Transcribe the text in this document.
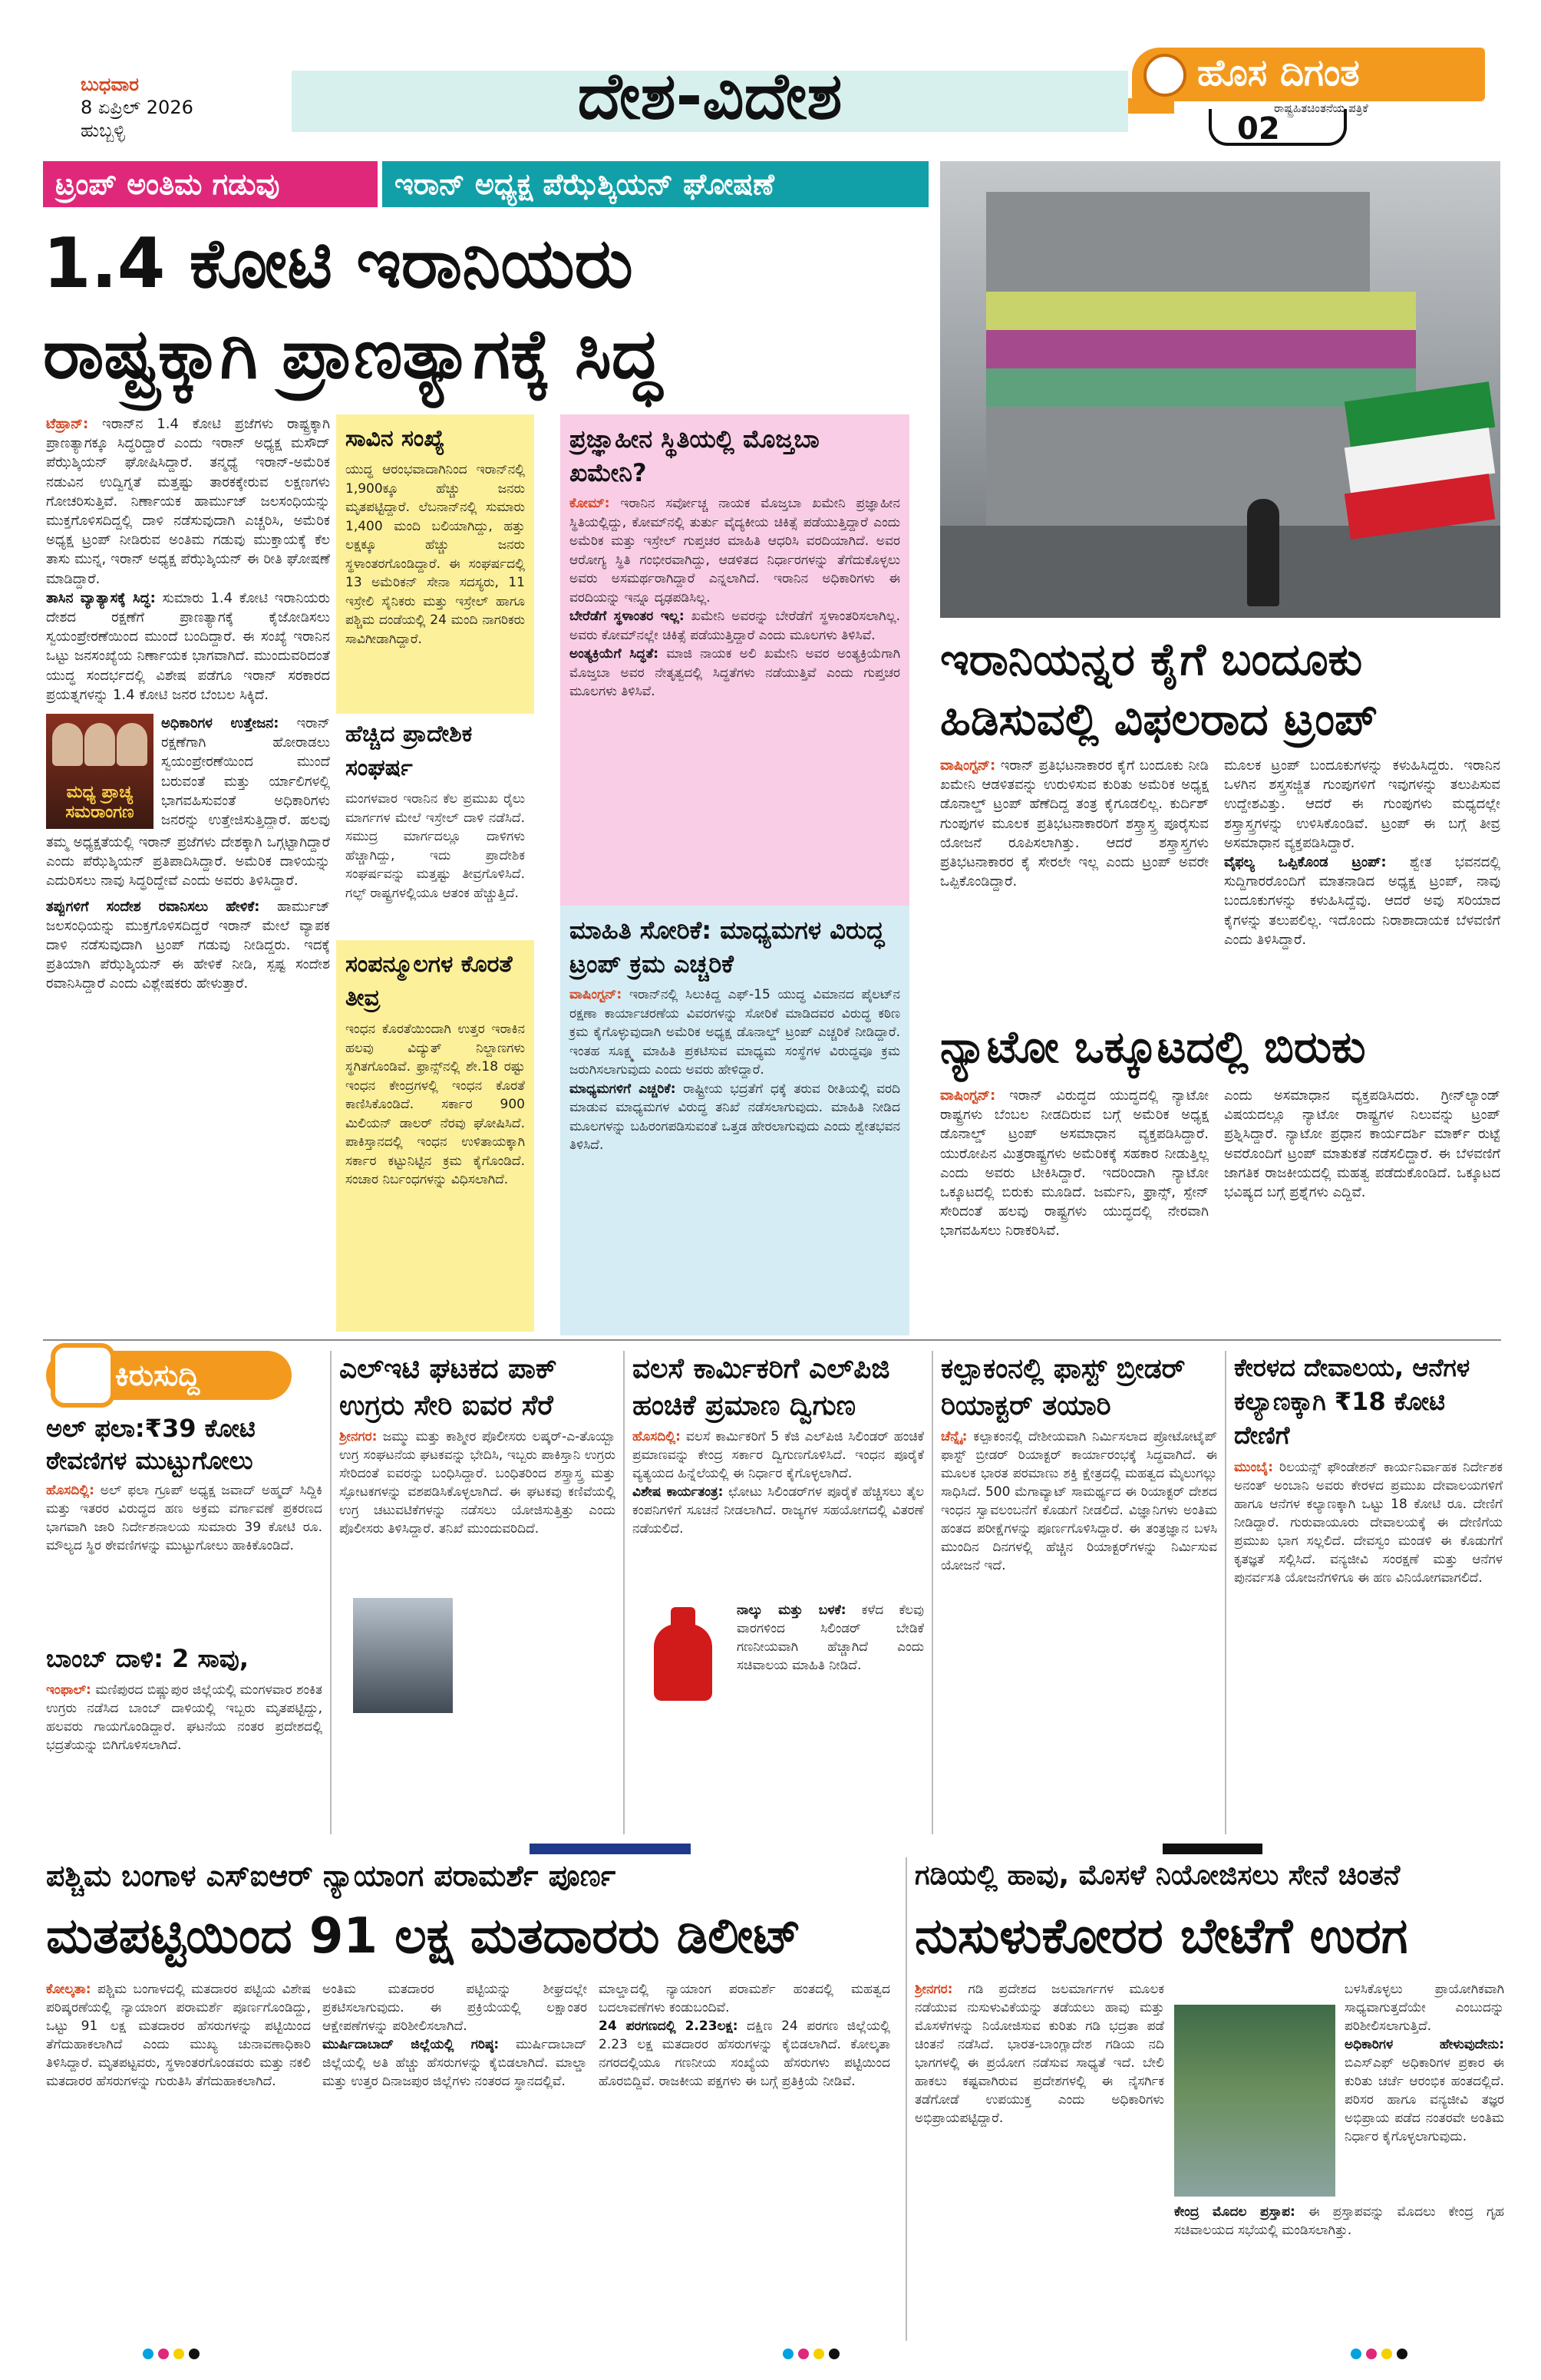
ಬುಧವಾರ
8 ಏಪ್ರಿಲ್ 2026
ಹುಬ್ಬಳ್ಳಿ	ದೇಶ-ವಿದೇಶ	ಹೊಸ ದಿಗಂತ
ರಾಷ್ಟ್ರಹಿತಚಿಂತನೆಯ ಪತ್ರಿಕೆ
02
ಟ್ರಂಪ್ ಅಂತಿಮ ಗಡುವು	ಇರಾನ್ ಅಧ್ಯಕ್ಷ ಪೆಝೆಶ್ಕಿಯನ್ ಘೋಷಣೆ
1.4 ಕೋಟಿ ಇರಾನಿಯರು
ರಾಷ್ಟ್ರಕ್ಕಾಗಿ ಪ್ರಾಣತ್ಯಾಗಕ್ಕೆ ಸಿದ್ಧ
ಟೆಹ್ರಾನ್: ಇರಾನ್‌ನ 1.4 ಕೋಟಿ ಪ್ರಜೆಗಳು ರಾಷ್ಟ್ರಕ್ಕಾಗಿ ಪ್ರಾಣತ್ಯಾಗಕ್ಕೂ ಸಿದ್ಧರಿದ್ದಾರೆ ಎಂದು ಇರಾನ್ ಅಧ್ಯಕ್ಷ ಮಸೌದ್ ಪೆಝೆಶ್ಕಿಯನ್ ಘೋಷಿಸಿದ್ದಾರೆ. ತನ್ಮಧ್ಯೆ ಇರಾನ್-ಅಮೆರಿಕ ನಡುವಿನ ಉದ್ವಿಗ್ನತೆ ಮತ್ತಷ್ಟು ತಾರಕಕ್ಕೇರುವ ಲಕ್ಷಣಗಳು ಗೋಚರಿಸುತ್ತಿವೆ. ನಿರ್ಣಾಯಕ ಹಾರ್ಮುಜ್ ಜಲಸಂಧಿಯನ್ನು ಮುಕ್ತಗೊಳಿಸದಿದ್ದಲ್ಲಿ ದಾಳಿ ನಡೆಸುವುದಾಗಿ ಎಚ್ಚರಿಸಿ, ಅಮೆರಿಕ ಅಧ್ಯಕ್ಷ ಟ್ರಂಪ್ ನೀಡಿರುವ ಅಂತಿಮ ಗಡುವು ಮುಕ್ತಾಯಕ್ಕೆ ಕೆಲ ತಾಸು ಮುನ್ನ, ಇರಾನ್ ಅಧ್ಯಕ್ಷ ಪೆಝೆಶ್ಕಿಯನ್ ಈ ರೀತಿ ಘೋಷಣೆ ಮಾಡಿದ್ದಾರೆ.
ತಾಸಿನ ವ್ಯಾತ್ಯಾಸಕ್ಕೆ ಸಿದ್ಧ: ಸುಮಾರು 1.4 ಕೋಟಿ ಇರಾನಿಯರು ದೇಶದ ರಕ್ಷಣೆಗೆ ಪ್ರಾಣತ್ಯಾಗಕ್ಕೆ ಕೈಜೋಡಿಸಲು ಸ್ವಯಂಪ್ರೇರಣೆಯಿಂದ ಮುಂದೆ ಬಂದಿದ್ದಾರೆ. ಈ ಸಂಖ್ಯೆ ಇರಾನಿನ ಒಟ್ಟು ಜನಸಂಖ್ಯೆಯ ನಿರ್ಣಾಯಕ ಭಾಗವಾಗಿದೆ. ಮುಂದುವರಿದಂತೆ ಯುದ್ಧ ಸಂದರ್ಭದಲ್ಲಿ ವಿಶೇಷ ಪಡೆಗೂ ಇರಾನ್ ಸರಕಾರದ ಪ್ರಯತ್ನಗಳನ್ನು 1.4 ಕೋಟಿ ಜನರ ಬೆಂಬಲ ಸಿಕ್ಕಿದೆ.
ಮಧ್ಯ ಪ್ರಾಚ್ಯ ಸಮರಾಂಗಣ
ಅಧಿಕಾರಿಗಳ ಉತ್ತೇಜನ: ಇರಾನ್ ರಕ್ಷಣೆಗಾಗಿ ಹೋರಾಡಲು ಸ್ವಯಂಪ್ರೇರಣೆಯಿಂದ ಮುಂದೆ ಬರುವಂತೆ ಮತ್ತು ರ್ಯಾಲಿಗಳಲ್ಲಿ ಭಾಗವಹಿಸುವಂತೆ ಅಧಿಕಾರಿಗಳು ಜನರನ್ನು ಉತ್ತೇಜಿಸುತ್ತಿದ್ದಾರೆ. ಹಲವು
ತಮ್ಮ ಅಧ್ಯಕ್ಷತೆಯಲ್ಲಿ ಇರಾನ್ ಪ್ರಜೆಗಳು ದೇಶಕ್ಕಾಗಿ ಒಗ್ಗಟ್ಟಾಗಿದ್ದಾರೆ ಎಂದು ಪೆಝೆಶ್ಕಿಯನ್ ಪ್ರತಿಪಾದಿಸಿದ್ದಾರೆ. ಅಮೆರಿಕ ದಾಳಿಯನ್ನು ಎದುರಿಸಲು ನಾವು ಸಿದ್ಧರಿದ್ದೇವೆ ಎಂದು ಅವರು ತಿಳಿಸಿದ್ದಾರೆ.
ತಪ್ಪುಗಳಿಗೆ ಸಂದೇಶ ರವಾನಿಸಲು ಹೇಳಿಕೆ: ಹಾರ್ಮುಜ್ ಜಲಸಂಧಿಯನ್ನು ಮುಕ್ತಗೊಳಿಸದಿದ್ದರೆ ಇರಾನ್ ಮೇಲೆ ವ್ಯಾಪಕ ದಾಳಿ ನಡೆಸುವುದಾಗಿ ಟ್ರಂಪ್ ಗಡುವು ನೀಡಿದ್ದರು. ಇದಕ್ಕೆ ಪ್ರತಿಯಾಗಿ ಪೆಝೆಶ್ಕಿಯನ್ ಈ ಹೇಳಿಕೆ ನೀಡಿ, ಸ್ಪಷ್ಟ ಸಂದೇಶ ರವಾನಿಸಿದ್ದಾರೆ ಎಂದು ವಿಶ್ಲೇಷಕರು ಹೇಳುತ್ತಾರೆ.
ಸಾವಿನ ಸಂಖ್ಯೆ
ಯುದ್ಧ ಆರಂಭವಾದಾಗಿನಿಂದ ಇರಾನ್‌ನಲ್ಲಿ 1,900ಕ್ಕೂ ಹೆಚ್ಚು ಜನರು ಮೃತಪಟ್ಟಿದ್ದಾರೆ. ಲೆಬನಾನ್‌ನಲ್ಲಿ ಸುಮಾರು 1,400 ಮಂದಿ ಬಲಿಯಾಗಿದ್ದು, ಹತ್ತು ಲಕ್ಷಕ್ಕೂ ಹೆಚ್ಚು ಜನರು ಸ್ಥಳಾಂತರಗೊಂಡಿದ್ದಾರೆ. ಈ ಸಂಘರ್ಷದಲ್ಲಿ 13 ಅಮೆರಿಕನ್ ಸೇನಾ ಸದಸ್ಯರು, 11 ಇಸ್ರೇಲಿ ಸೈನಿಕರು ಮತ್ತು ಇಸ್ರೇಲ್ ಹಾಗೂ ಪಶ್ಚಿಮ ದಂಡೆಯಲ್ಲಿ 24 ಮಂದಿ ನಾಗರಿಕರು ಸಾವಿಗೀಡಾಗಿದ್ದಾರೆ.
ಹೆಚ್ಚಿದ ಪ್ರಾದೇಶಿಕ ಸಂಘರ್ಷ
ಮಂಗಳವಾರ ಇರಾನಿನ ಕೆಲ ಪ್ರಮುಖ ರೈಲು ಮಾರ್ಗಗಳ ಮೇಲೆ ಇಸ್ರೇಲ್ ದಾಳಿ ನಡೆಸಿದೆ. ಸಮುದ್ರ ಮಾರ್ಗದಲ್ಲೂ ದಾಳಿಗಳು ಹೆಚ್ಚಾಗಿದ್ದು, ಇದು ಪ್ರಾದೇಶಿಕ ಸಂಘರ್ಷವನ್ನು ಮತ್ತಷ್ಟು ತೀವ್ರಗೊಳಿಸಿದೆ. ಗಲ್ಫ್ ರಾಷ್ಟ್ರಗಳಲ್ಲಿಯೂ ಆತಂಕ ಹೆಚ್ಚುತ್ತಿದೆ.
ಸಂಪನ್ಮೂಲಗಳ ಕೊರತೆ ತೀವ್ರ
ಇಂಧನ ಕೊರತೆಯಿಂದಾಗಿ ಉತ್ತರ ಇರಾಕಿನ ಹಲವು ವಿದ್ಯುತ್ ನಿಲ್ದಾಣಗಳು ಸ್ಥಗಿತಗೊಂಡಿವೆ. ಫ್ರಾನ್ಸ್‌ನಲ್ಲಿ ಶೇ.18 ರಷ್ಟು ಇಂಧನ ಕೇಂದ್ರಗಳಲ್ಲಿ ಇಂಧನ ಕೊರತೆ ಕಾಣಿಸಿಕೊಂಡಿದೆ. ಸರ್ಕಾರ 900 ಮಿಲಿಯನ್ ಡಾಲರ್ ನೆರವು ಘೋಷಿಸಿದೆ. ಪಾಕಿಸ್ತಾನದಲ್ಲಿ ಇಂಧನ ಉಳಿತಾಯಕ್ಕಾಗಿ ಸರ್ಕಾರ ಕಟ್ಟುನಿಟ್ಟಿನ ಕ್ರಮ ಕೈಗೊಂಡಿದೆ. ಸಂಚಾರ ನಿರ್ಬಂಧಗಳನ್ನು ವಿಧಿಸಲಾಗಿದೆ.
ಪ್ರಜ್ಞಾಹೀನ ಸ್ಥಿತಿಯಲ್ಲಿ ಮೊಜ್ತಬಾ ಖಮೇನಿ?
ಕೋಮ್: ಇರಾನಿನ ಸರ್ವೋಚ್ಚ ನಾಯಕ ಮೊಜ್ತಬಾ ಖಮೇನಿ ಪ್ರಜ್ಞಾಹೀನ ಸ್ಥಿತಿಯಲ್ಲಿದ್ದು, ಕೋಮ್‌ನಲ್ಲಿ ತುರ್ತು ವೈದ್ಯಕೀಯ ಚಿಕಿತ್ಸೆ ಪಡೆಯುತ್ತಿದ್ದಾರೆ ಎಂದು ಅಮೆರಿಕ ಮತ್ತು ಇಸ್ರೇಲ್ ಗುಪ್ತಚರ ಮಾಹಿತಿ ಆಧರಿಸಿ ವರದಿಯಾಗಿದೆ. ಅವರ ಆರೋಗ್ಯ ಸ್ಥಿತಿ ಗಂಭೀರವಾಗಿದ್ದು, ಆಡಳಿತದ ನಿರ್ಧಾರಗಳನ್ನು ತೆಗೆದುಕೊಳ್ಳಲು ಅವರು ಅಸಮರ್ಥರಾಗಿದ್ದಾರೆ ಎನ್ನಲಾಗಿದೆ. ಇರಾನಿನ ಅಧಿಕಾರಿಗಳು ಈ ವರದಿಯನ್ನು ಇನ್ನೂ ದೃಢಪಡಿಸಿಲ್ಲ.
ಬೇರೆಡೆಗೆ ಸ್ಥಳಾಂತರ ಇಲ್ಲ: ಖಮೇನಿ ಅವರನ್ನು ಬೇರೆಡೆಗೆ ಸ್ಥಳಾಂತರಿಸಲಾಗಿಲ್ಲ. ಅವರು ಕೋಮ್‌ನಲ್ಲೇ ಚಿಕಿತ್ಸೆ ಪಡೆಯುತ್ತಿದ್ದಾರೆ ಎಂದು ಮೂಲಗಳು ತಿಳಿಸಿವೆ.
ಅಂತ್ಯಕ್ರಿಯೆಗೆ ಸಿದ್ಧತೆ: ಮಾಜಿ ನಾಯಕ ಅಲಿ ಖಮೇನಿ ಅವರ ಅಂತ್ಯಕ್ರಿಯೆಗಾಗಿ ಮೊಜ್ತಬಾ ಅವರ ನೇತೃತ್ವದಲ್ಲಿ ಸಿದ್ಧತೆಗಳು ನಡೆಯುತ್ತಿವೆ ಎಂದು ಗುಪ್ತಚರ ಮೂಲಗಳು ತಿಳಿಸಿವೆ.
ಮಾಹಿತಿ ಸೋರಿಕೆ: ಮಾಧ್ಯಮಗಳ ವಿರುದ್ಧ ಟ್ರಂಪ್ ಕ್ರಮ ಎಚ್ಚರಿಕೆ
ವಾಷಿಂಗ್ಟನ್: ಇರಾನ್‌ನಲ್ಲಿ ಸಿಲುಕಿದ್ದ ಎಫ್-15 ಯುದ್ಧ ವಿಮಾನದ ಪೈಲಟ್‌ನ ರಕ್ಷಣಾ ಕಾರ್ಯಾಚರಣೆಯ ವಿವರಗಳನ್ನು ಸೋರಿಕೆ ಮಾಡಿದವರ ವಿರುದ್ಧ ಕಠಿಣ ಕ್ರಮ ಕೈಗೊಳ್ಳುವುದಾಗಿ ಅಮೆರಿಕ ಅಧ್ಯಕ್ಷ ಡೊನಾಲ್ಡ್ ಟ್ರಂಪ್ ಎಚ್ಚರಿಕೆ ನೀಡಿದ್ದಾರೆ. ಇಂತಹ ಸೂಕ್ಷ್ಮ ಮಾಹಿತಿ ಪ್ರಕಟಿಸುವ ಮಾಧ್ಯಮ ಸಂಸ್ಥೆಗಳ ವಿರುದ್ಧವೂ ಕ್ರಮ ಜರುಗಿಸಲಾಗುವುದು ಎಂದು ಅವರು ಹೇಳಿದ್ದಾರೆ.
ಮಾಧ್ಯಮಗಳಿಗೆ ಎಚ್ಚರಿಕೆ: ರಾಷ್ಟ್ರೀಯ ಭದ್ರತೆಗೆ ಧಕ್ಕೆ ತರುವ ರೀತಿಯಲ್ಲಿ ವರದಿ ಮಾಡುವ ಮಾಧ್ಯಮಗಳ ವಿರುದ್ಧ ತನಿಖೆ ನಡೆಸಲಾಗುವುದು. ಮಾಹಿತಿ ನೀಡಿದ ಮೂಲಗಳನ್ನು ಬಹಿರಂಗಪಡಿಸುವಂತೆ ಒತ್ತಡ ಹೇರಲಾಗುವುದು ಎಂದು ಶ್ವೇತಭವನ ತಿಳಿಸಿದೆ.
ಇರಾನಿಯನ್ನರ ಕೈಗೆ ಬಂದೂಕು
ಹಿಡಿಸುವಲ್ಲಿ ವಿಫಲರಾದ ಟ್ರಂಪ್
ವಾಷಿಂಗ್ಟನ್: ಇರಾನ್ ಪ್ರತಿಭಟನಾಕಾರರ ಕೈಗೆ ಬಂದೂಕು ನೀಡಿ ಖಮೇನಿ ಆಡಳಿತವನ್ನು ಉರುಳಿಸುವ ಕುರಿತು ಅಮೆರಿಕ ಅಧ್ಯಕ್ಷ ಡೊನಾಲ್ಡ್ ಟ್ರಂಪ್ ಹೆಣೆದಿದ್ದ ತಂತ್ರ ಕೈಗೂಡಲಿಲ್ಲ. ಕುರ್ದಿಶ್ ಗುಂಪುಗಳ ಮೂಲಕ ಪ್ರತಿಭಟನಾಕಾರರಿಗೆ ಶಸ್ತ್ರಾಸ್ತ್ರ ಪೂರೈಸುವ ಯೋಜನೆ ರೂಪಿಸಲಾಗಿತ್ತು. ಆದರೆ ಶಸ್ತ್ರಾಸ್ತ್ರಗಳು ಪ್ರತಿಭಟನಾಕಾರರ ಕೈ ಸೇರಲೇ ಇಲ್ಲ ಎಂದು ಟ್ರಂಪ್ ಅವರೇ ಒಪ್ಪಿಕೊಂಡಿದ್ದಾರೆ.
ಮೂಲಕ ಟ್ರಂಪ್ ಬಂದೂಕುಗಳನ್ನು ಕಳುಹಿಸಿದ್ದರು. ಇರಾನಿನ ಒಳಗಿನ ಶಸ್ತ್ರಸಜ್ಜಿತ ಗುಂಪುಗಳಿಗೆ ಇವುಗಳನ್ನು ತಲುಪಿಸುವ ಉದ್ದೇಶವಿತ್ತು. ಆದರೆ ಈ ಗುಂಪುಗಳು ಮಧ್ಯದಲ್ಲೇ ಶಸ್ತ್ರಾಸ್ತ್ರಗಳನ್ನು ಉಳಿಸಿಕೊಂಡಿವೆ. ಟ್ರಂಪ್ ಈ ಬಗ್ಗೆ ತೀವ್ರ ಅಸಮಾಧಾನ ವ್ಯಕ್ತಪಡಿಸಿದ್ದಾರೆ.
ವೈಫಲ್ಯ ಒಪ್ಪಿಕೊಂಡ ಟ್ರಂಪ್: ಶ್ವೇತ ಭವನದಲ್ಲಿ ಸುದ್ದಿಗಾರರೊಂದಿಗೆ ಮಾತನಾಡಿದ ಅಧ್ಯಕ್ಷ ಟ್ರಂಪ್, ನಾವು ಬಂದೂಕುಗಳನ್ನು ಕಳುಹಿಸಿದ್ದೆವು. ಆದರೆ ಅವು ಸರಿಯಾದ ಕೈಗಳನ್ನು ತಲುಪಲಿಲ್ಲ. ಇದೊಂದು ನಿರಾಶಾದಾಯಕ ಬೆಳವಣಿಗೆ ಎಂದು ತಿಳಿಸಿದ್ದಾರೆ.
ನ್ಯಾಟೋ ಒಕ್ಕೂಟದಲ್ಲಿ ಬಿರುಕು
ವಾಷಿಂಗ್ಟನ್: ಇರಾನ್ ವಿರುದ್ಧದ ಯುದ್ಧದಲ್ಲಿ ನ್ಯಾಟೋ ರಾಷ್ಟ್ರಗಳು ಬೆಂಬಲ ನೀಡದಿರುವ ಬಗ್ಗೆ ಅಮೆರಿಕ ಅಧ್ಯಕ್ಷ ಡೊನಾಲ್ಡ್ ಟ್ರಂಪ್ ಅಸಮಾಧಾನ ವ್ಯಕ್ತಪಡಿಸಿದ್ದಾರೆ. ಯುರೋಪಿನ ಮಿತ್ರರಾಷ್ಟ್ರಗಳು ಅಮೆರಿಕಕ್ಕೆ ಸಹಕಾರ ನೀಡುತ್ತಿಲ್ಲ ಎಂದು ಅವರು ಟೀಕಿಸಿದ್ದಾರೆ. ಇದರಿಂದಾಗಿ ನ್ಯಾಟೋ ಒಕ್ಕೂಟದಲ್ಲಿ ಬಿರುಕು ಮೂಡಿದೆ. ಜರ್ಮನಿ, ಫ್ರಾನ್ಸ್, ಸ್ಪೇನ್ ಸೇರಿದಂತೆ ಹಲವು ರಾಷ್ಟ್ರಗಳು ಯುದ್ಧದಲ್ಲಿ ನೇರವಾಗಿ ಭಾಗವಹಿಸಲು ನಿರಾಕರಿಸಿವೆ.
ಎಂದು ಅಸಮಾಧಾನ ವ್ಯಕ್ತಪಡಿಸಿದರು. ಗ್ರೀನ್‌ಲ್ಯಾಂಡ್ ವಿಷಯದಲ್ಲೂ ನ್ಯಾಟೋ ರಾಷ್ಟ್ರಗಳ ನಿಲುವನ್ನು ಟ್ರಂಪ್ ಪ್ರಶ್ನಿಸಿದ್ದಾರೆ. ನ್ಯಾಟೋ ಪ್ರಧಾನ ಕಾರ್ಯದರ್ಶಿ ಮಾರ್ಕ್ ರುಟ್ಟೆ ಅವರೊಂದಿಗೆ ಟ್ರಂಪ್ ಮಾತುಕತೆ ನಡೆಸಲಿದ್ದಾರೆ. ಈ ಬೆಳವಣಿಗೆ ಜಾಗತಿಕ ರಾಜಕೀಯದಲ್ಲಿ ಮಹತ್ವ ಪಡೆದುಕೊಂಡಿದೆ. ಒಕ್ಕೂಟದ ಭವಿಷ್ಯದ ಬಗ್ಗೆ ಪ್ರಶ್ನೆಗಳು ಎದ್ದಿವೆ.
ಕಿರುಸುದ್ದಿ
ಅಲ್ ಫಲಾ:₹39 ಕೋಟಿ ಠೇವಣಿಗಳ ಮುಟ್ಟುಗೋಲು
ಹೊಸದಿಲ್ಲಿ: ಅಲ್ ಫಲಾ ಗ್ರೂಪ್ ಅಧ್ಯಕ್ಷ ಜವಾದ್ ಅಹ್ಮದ್ ಸಿದ್ದಿಕಿ ಮತ್ತು ಇತರರ ವಿರುದ್ಧದ ಹಣ ಅಕ್ರಮ ವರ್ಗಾವಣೆ ಪ್ರಕರಣದ ಭಾಗವಾಗಿ ಜಾರಿ ನಿರ್ದೇಶನಾಲಯ ಸುಮಾರು 39 ಕೋಟಿ ರೂ. ಮೌಲ್ಯದ ಸ್ಥಿರ ಠೇವಣಿಗಳನ್ನು ಮುಟ್ಟುಗೋಲು ಹಾಕಿಕೊಂಡಿದೆ.
ಬಾಂಬ್ ದಾಳಿ: 2 ಸಾವು,
ಇಂಫಾಲ್: ಮಣಿಪುರದ ಬಿಷ್ಣುಪುರ ಜಿಲ್ಲೆಯಲ್ಲಿ ಮಂಗಳವಾರ ಶಂಕಿತ ಉಗ್ರರು ನಡೆಸಿದ ಬಾಂಬ್ ದಾಳಿಯಲ್ಲಿ ಇಬ್ಬರು ಮೃತಪಟ್ಟಿದ್ದು, ಹಲವರು ಗಾಯಗೊಂಡಿದ್ದಾರೆ. ಘಟನೆಯ ನಂತರ ಪ್ರದೇಶದಲ್ಲಿ ಭದ್ರತೆಯನ್ನು ಬಿಗಿಗೊಳಿಸಲಾಗಿದೆ.
ಎಲ್‌ಇಟಿ ಘಟಕದ ಪಾಕ್ ಉಗ್ರರು ಸೇರಿ ಐವರ ಸೆರೆ
ಶ್ರೀನಗರ: ಜಮ್ಮು ಮತ್ತು ಕಾಶ್ಮೀರ ಪೊಲೀಸರು ಲಷ್ಕರ್-ಎ-ತೊಯ್ಬಾ ಉಗ್ರ ಸಂಘಟನೆಯ ಘಟಕವನ್ನು ಭೇದಿಸಿ, ಇಬ್ಬರು ಪಾಕಿಸ್ತಾನಿ ಉಗ್ರರು ಸೇರಿದಂತೆ ಐವರನ್ನು ಬಂಧಿಸಿದ್ದಾರೆ. ಬಂಧಿತರಿಂದ ಶಸ್ತ್ರಾಸ್ತ್ರ ಮತ್ತು ಸ್ಫೋಟಕಗಳನ್ನು ವಶಪಡಿಸಿಕೊಳ್ಳಲಾಗಿದೆ. ಈ ಘಟಕವು ಕಣಿವೆಯಲ್ಲಿ ಉಗ್ರ ಚಟುವಟಿಕೆಗಳನ್ನು ನಡೆಸಲು ಯೋಜಿಸುತ್ತಿತ್ತು ಎಂದು ಪೊಲೀಸರು ತಿಳಿಸಿದ್ದಾರೆ. ತನಿಖೆ ಮುಂದುವರಿದಿದೆ.
ವಲಸೆ ಕಾರ್ಮಿಕರಿಗೆ ಎಲ್‌ಪಿಜಿ ಹಂಚಿಕೆ ಪ್ರಮಾಣ ದ್ವಿಗುಣ
ಹೊಸದಿಲ್ಲಿ: ವಲಸೆ ಕಾರ್ಮಿಕರಿಗೆ 5 ಕೆಜಿ ಎಲ್‌ಪಿಜಿ ಸಿಲಿಂಡರ್ ಹಂಚಿಕೆ ಪ್ರಮಾಣವನ್ನು ಕೇಂದ್ರ ಸರ್ಕಾರ ದ್ವಿಗುಣಗೊಳಿಸಿದೆ. ಇಂಧನ ಪೂರೈಕೆ ವ್ಯತ್ಯಯದ ಹಿನ್ನೆಲೆಯಲ್ಲಿ ಈ ನಿರ್ಧಾರ ಕೈಗೊಳ್ಳಲಾಗಿದೆ.
ವಿಶೇಷ ಕಾರ್ಯತಂತ್ರ: ಛೋಟು ಸಿಲಿಂಡರ್‌ಗಳ ಪೂರೈಕೆ ಹೆಚ್ಚಿಸಲು ತೈಲ ಕಂಪನಿಗಳಿಗೆ ಸೂಚನೆ ನೀಡಲಾಗಿದೆ. ರಾಜ್ಯಗಳ ಸಹಯೋಗದಲ್ಲಿ ವಿತರಣೆ ನಡೆಯಲಿದೆ.
ನಾಲ್ಕು ಮತ್ತು ಬಳಕೆ: ಕಳೆದ ಕೆಲವು ವಾರಗಳಿಂದ ಸಿಲಿಂಡರ್ ಬೇಡಿಕೆ ಗಣನೀಯವಾಗಿ ಹೆಚ್ಚಾಗಿದೆ ಎಂದು ಸಚಿವಾಲಯ ಮಾಹಿತಿ ನೀಡಿದೆ.
ಕಲ್ಪಾಕಂನಲ್ಲಿ ಫಾಸ್ಟ್ ಬ್ರೀಡರ್ ರಿಯಾಕ್ಟರ್ ತಯಾರಿ
ಚೆನ್ನೈ: ಕಲ್ಪಾಕಂನಲ್ಲಿ ದೇಶೀಯವಾಗಿ ನಿರ್ಮಿಸಲಾದ ಪ್ರೋಟೋಟೈಪ್ ಫಾಸ್ಟ್ ಬ್ರೀಡರ್ ರಿಯಾಕ್ಟರ್ ಕಾರ್ಯಾರಂಭಕ್ಕೆ ಸಿದ್ಧವಾಗಿದೆ. ಈ ಮೂಲಕ ಭಾರತ ಪರಮಾಣು ಶಕ್ತಿ ಕ್ಷೇತ್ರದಲ್ಲಿ ಮಹತ್ವದ ಮೈಲುಗಲ್ಲು ಸಾಧಿಸಿದೆ. 500 ಮೆಗಾವ್ಯಾಟ್ ಸಾಮರ್ಥ್ಯದ ಈ ರಿಯಾಕ್ಟರ್ ದೇಶದ ಇಂಧನ ಸ್ವಾವಲಂಬನೆಗೆ ಕೊಡುಗೆ ನೀಡಲಿದೆ. ವಿಜ್ಞಾನಿಗಳು ಅಂತಿಮ ಹಂತದ ಪರೀಕ್ಷೆಗಳನ್ನು ಪೂರ್ಣಗೊಳಿಸಿದ್ದಾರೆ. ಈ ತಂತ್ರಜ್ಞಾನ ಬಳಸಿ ಮುಂದಿನ ದಿನಗಳಲ್ಲಿ ಹೆಚ್ಚಿನ ರಿಯಾಕ್ಟರ್‌ಗಳನ್ನು ನಿರ್ಮಿಸುವ ಯೋಜನೆ ಇದೆ.
ಕೇರಳದ ದೇವಾಲಯ, ಆನೆಗಳ ಕಲ್ಯಾಣಕ್ಕಾಗಿ ₹18 ಕೋಟಿ ದೇಣಿಗೆ
ಮುಂಬೈ: ರಿಲಯನ್ಸ್ ಫೌಂಡೇಶನ್ ಕಾರ್ಯನಿರ್ವಾಹಕ ನಿರ್ದೇಶಕ ಅನಂತ್ ಅಂಬಾನಿ ಅವರು ಕೇರಳದ ಪ್ರಮುಖ ದೇವಾಲಯಗಳಿಗೆ ಹಾಗೂ ಆನೆಗಳ ಕಲ್ಯಾಣಕ್ಕಾಗಿ ಒಟ್ಟು 18 ಕೋಟಿ ರೂ. ದೇಣಿಗೆ ನೀಡಿದ್ದಾರೆ. ಗುರುವಾಯೂರು ದೇವಾಲಯಕ್ಕೆ ಈ ದೇಣಿಗೆಯ ಪ್ರಮುಖ ಭಾಗ ಸಲ್ಲಲಿದೆ. ದೇವಸ್ವಂ ಮಂಡಳಿ ಈ ಕೊಡುಗೆಗೆ ಕೃತಜ್ಞತೆ ಸಲ್ಲಿಸಿದೆ. ವನ್ಯಜೀವಿ ಸಂರಕ್ಷಣೆ ಮತ್ತು ಆನೆಗಳ ಪುನರ್ವಸತಿ ಯೋಜನೆಗಳಿಗೂ ಈ ಹಣ ವಿನಿಯೋಗವಾಗಲಿದೆ.
ಪಶ್ಚಿಮ ಬಂಗಾಳ ಎಸ್‌ಐಆರ್ ನ್ಯಾಯಾಂಗ ಪರಾಮರ್ಶೆ ಪೂರ್ಣ
ಮತಪಟ್ಟಿಯಿಂದ 91 ಲಕ್ಷ ಮತದಾರರು ಡಿಲೀಟ್
ಕೋಲ್ಕತಾ: ಪಶ್ಚಿಮ ಬಂಗಾಳದಲ್ಲಿ ಮತದಾರರ ಪಟ್ಟಿಯ ವಿಶೇಷ ಪರಿಷ್ಕರಣೆಯಲ್ಲಿ ನ್ಯಾಯಾಂಗ ಪರಾಮರ್ಶೆ ಪೂರ್ಣಗೊಂಡಿದ್ದು, ಒಟ್ಟು 91 ಲಕ್ಷ ಮತದಾರರ ಹೆಸರುಗಳನ್ನು ಪಟ್ಟಿಯಿಂದ ತೆಗೆದುಹಾಕಲಾಗಿದೆ ಎಂದು ಮುಖ್ಯ ಚುನಾವಣಾಧಿಕಾರಿ ತಿಳಿಸಿದ್ದಾರೆ. ಮೃತಪಟ್ಟವರು, ಸ್ಥಳಾಂತರಗೊಂಡವರು ಮತ್ತು ನಕಲಿ ಮತದಾರರ ಹೆಸರುಗಳನ್ನು ಗುರುತಿಸಿ ತೆಗೆದುಹಾಕಲಾಗಿದೆ.
ಅಂತಿಮ ಮತದಾರರ ಪಟ್ಟಿಯನ್ನು ಶೀಘ್ರದಲ್ಲೇ ಪ್ರಕಟಿಸಲಾಗುವುದು. ಈ ಪ್ರಕ್ರಿಯೆಯಲ್ಲಿ ಲಕ್ಷಾಂತರ ಆಕ್ಷೇಪಣೆಗಳನ್ನು ಪರಿಶೀಲಿಸಲಾಗಿದೆ.
ಮುರ್ಷಿದಾಬಾದ್ ಜಿಲ್ಲೆಯಲ್ಲಿ ಗರಿಷ್ಠ: ಮುರ್ಷಿದಾಬಾದ್ ಜಿಲ್ಲೆಯಲ್ಲಿ ಅತಿ ಹೆಚ್ಚು ಹೆಸರುಗಳನ್ನು ಕೈಬಿಡಲಾಗಿದೆ. ಮಾಲ್ಡಾ ಮತ್ತು ಉತ್ತರ ದಿನಾಜಪುರ ಜಿಲ್ಲೆಗಳು ನಂತರದ ಸ್ಥಾನದಲ್ಲಿವೆ.
ಮಾಲ್ಡಾದಲ್ಲಿ ನ್ಯಾಯಾಂಗ ಪರಾಮರ್ಶೆ ಹಂತದಲ್ಲಿ ಮಹತ್ವದ ಬದಲಾವಣೆಗಳು ಕಂಡುಬಂದಿವೆ.
24 ಪರಗಣದಲ್ಲಿ 2.23ಲಕ್ಷ: ದಕ್ಷಿಣ 24 ಪರಗಣ ಜಿಲ್ಲೆಯಲ್ಲಿ 2.23 ಲಕ್ಷ ಮತದಾರರ ಹೆಸರುಗಳನ್ನು ಕೈಬಿಡಲಾಗಿದೆ. ಕೋಲ್ಕತಾ ನಗರದಲ್ಲಿಯೂ ಗಣನೀಯ ಸಂಖ್ಯೆಯ ಹೆಸರುಗಳು ಪಟ್ಟಿಯಿಂದ ಹೊರಬಿದ್ದಿವೆ. ರಾಜಕೀಯ ಪಕ್ಷಗಳು ಈ ಬಗ್ಗೆ ಪ್ರತಿಕ್ರಿಯೆ ನೀಡಿವೆ.
ಗಡಿಯಲ್ಲಿ ಹಾವು, ಮೊಸಳೆ ನಿಯೋಜಿಸಲು ಸೇನೆ ಚಿಂತನೆ
ನುಸುಳುಕೋರರ ಬೇಟೆಗೆ ಉರಗ
ಶ್ರೀನಗರ: ಗಡಿ ಪ್ರದೇಶದ ಜಲಮಾರ್ಗಗಳ ಮೂಲಕ ನಡೆಯುವ ನುಸುಳುವಿಕೆಯನ್ನು ತಡೆಯಲು ಹಾವು ಮತ್ತು ಮೊಸಳೆಗಳನ್ನು ನಿಯೋಜಿಸುವ ಕುರಿತು ಗಡಿ ಭದ್ರತಾ ಪಡೆ ಚಿಂತನೆ ನಡೆಸಿದೆ. ಭಾರತ-ಬಾಂಗ್ಲಾದೇಶ ಗಡಿಯ ನದಿ ಭಾಗಗಳಲ್ಲಿ ಈ ಪ್ರಯೋಗ ನಡೆಸುವ ಸಾಧ್ಯತೆ ಇದೆ. ಬೇಲಿ ಹಾಕಲು ಕಷ್ಟವಾಗಿರುವ ಪ್ರದೇಶಗಳಲ್ಲಿ ಈ ನೈಸರ್ಗಿಕ ತಡೆಗೋಡೆ ಉಪಯುಕ್ತ ಎಂದು ಅಧಿಕಾರಿಗಳು ಅಭಿಪ್ರಾಯಪಟ್ಟಿದ್ದಾರೆ.
ಬಳಸಿಕೊಳ್ಳಲು ಪ್ರಾಯೋಗಿಕವಾಗಿ ಸಾಧ್ಯವಾಗುತ್ತದೆಯೇ ಎಂಬುದನ್ನು ಪರಿಶೀಲಿಸಲಾಗುತ್ತಿದೆ.
ಅಧಿಕಾರಿಗಳ ಹೇಳುವುದೇನು: ಬಿಎಸ್‌ಎಫ್ ಅಧಿಕಾರಿಗಳ ಪ್ರಕಾರ ಈ ಕುರಿತು ಚರ್ಚೆ ಆರಂಭಿಕ ಹಂತದಲ್ಲಿದೆ. ಪರಿಸರ ಹಾಗೂ ವನ್ಯಜೀವಿ ತಜ್ಞರ ಅಭಿಪ್ರಾಯ ಪಡೆದ ನಂತರವೇ ಅಂತಿಮ ನಿರ್ಧಾರ ಕೈಗೊಳ್ಳಲಾಗುವುದು.
ಕೇಂದ್ರ ಮೊದಲ ಪ್ರಸ್ತಾಪ: ಈ ಪ್ರಸ್ತಾಪವನ್ನು ಮೊದಲು ಕೇಂದ್ರ ಗೃಹ ಸಚಿವಾಲಯದ ಸಭೆಯಲ್ಲಿ ಮಂಡಿಸಲಾಗಿತ್ತು.
